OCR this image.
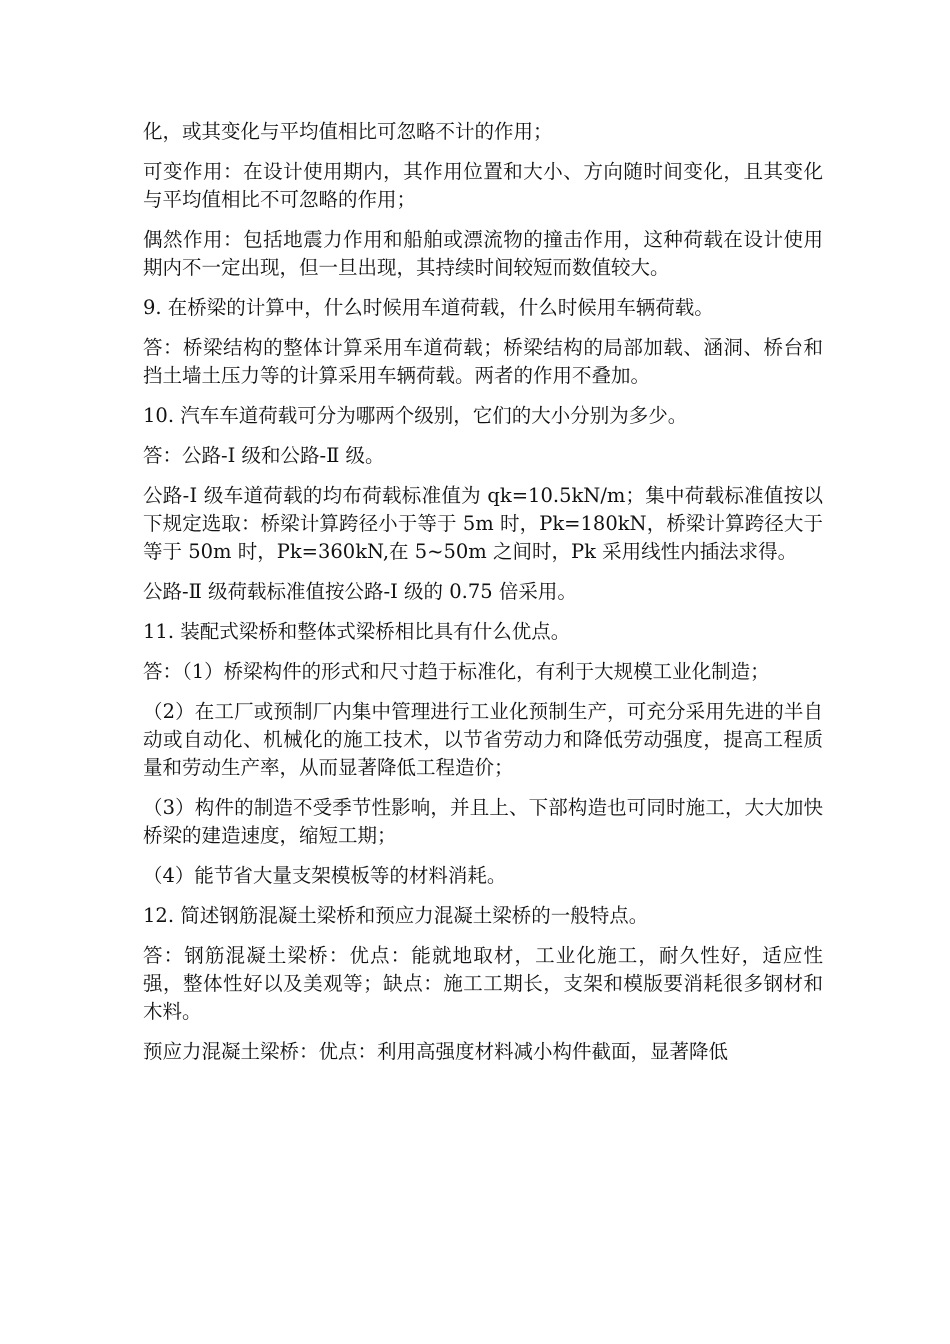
化，或其变化与平均值相比可忽略不计的作用；

可变作用：在设计使用期内，其作用位置和大小、方向随时间变化，且其变化与平均值相比不可忽略的作用；

偶然作用：包括地震力作用和船舶或漂流物的撞击作用，这种荷载在设计使用期内不一定出现，但一旦出现，其持续时间较短而数值较大。

9. 在桥梁的计算中，什么时候用车道荷载，什么时候用车辆荷载。

答：桥梁结构的整体计算采用车道荷载；桥梁结构的局部加载、涵洞、桥台和挡土墙土压力等的计算采用车辆荷载。两者的作用不叠加。

10. 汽车车道荷载可分为哪两个级别，它们的大小分别为多少。

答：公路-Ⅰ 级和公路-Ⅱ 级。

公路-Ⅰ 级车道荷载的均布荷载标准值为 qk=10.5kN/m；集中荷载标准值按以下规定选取：桥梁计算跨径小于等于 5m 时，Pk=180kN，桥梁计算跨径大于等于 50m 时，Pk=360kN,在 5~50m 之间时，Pk 采用线性内插法求得。

公路-Ⅱ 级荷载标准值按公路-Ⅰ 级的 0.75 倍采用。

11. 装配式梁桥和整体式梁桥相比具有什么优点。

答：（1）桥梁构件的形式和尺寸趋于标准化，有利于大规模工业化制造；

（2）在工厂或预制厂内集中管理进行工业化预制生产，可充分采用先进的半自动或自动化、机械化的施工技术，以节省劳动力和降低劳动强度，提高工程质量和劳动生产率，从而显著降低工程造价；

（3）构件的制造不受季节性影响，并且上、下部构造也可同时施工，大大加快桥梁的建造速度，缩短工期；

（4）能节省大量支架模板等的材料消耗。

12. 简述钢筋混凝土梁桥和预应力混凝土梁桥的一般特点。

答：钢筋混凝土梁桥：优点：能就地取材，工业化施工，耐久性好，适应性强，整体性好以及美观等；缺点：施工工期长，支架和模版要消耗很多钢材和木料。

预应力混凝土梁桥：优点：利用高强度材料减小构件截面，显著降低
